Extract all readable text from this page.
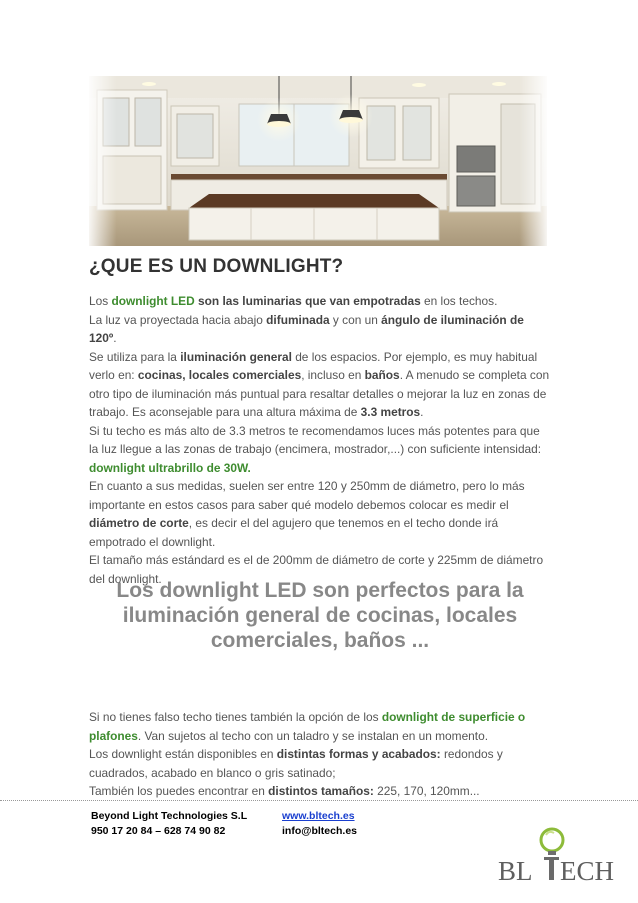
¿QUE ES UN DOWNLIGHT?

Los downlight LED son las luminarias que van empotradas en los techos.

La luz va proyectada hacia abajo difuminada y con un ángulo de iluminación de 120º.

Se utiliza para la iluminación general de los espacios. Por ejemplo, es muy habitual verlo en: cocinas, locales comerciales, incluso en baños. A menudo se completa con otro tipo de iluminación más puntual para resaltar detalles o mejorar la luz en zonas de trabajo. Es aconsejable para una altura máxima de 3.3 metros.

Si tu techo es más alto de 3.3 metros te recomendamos luces más potentes para que la luz llegue a las zonas de trabajo (encimera, mostrador,...) con suficiente intensidad: downlight ultrabrillo de 30W.

En cuanto a sus medidas, suelen ser entre 120 y 250mm de diámetro, pero lo más importante en estos casos para saber qué modelo debemos colocar es medir el diámetro de corte, es decir el del agujero que tenemos en el techo donde irá empotrado el downlight.

El tamaño más estándard es el de 200mm de diámetro de corte y 225mm de diámetro del downlight.

Los downlight LED son perfectos para la iluminación general de cocinas, locales comerciales, baños ...

Si no tienes falso techo tienes también la opción de los downlight de superficie o plafones. Van sujetos al techo con un taladro y se instalan en un momento.

Los downlight están disponibles en distintas formas y acabados: redondos y cuadrados, acabado en blanco o gris satinado;

También los puedes encontrar en distintos tamaños: 225, 170, 120mm...

Beyond Light Technologies S.L
950 17 20 84 – 628 74 90 82
www.bltech.es
info@bltech.es
BL ECH
